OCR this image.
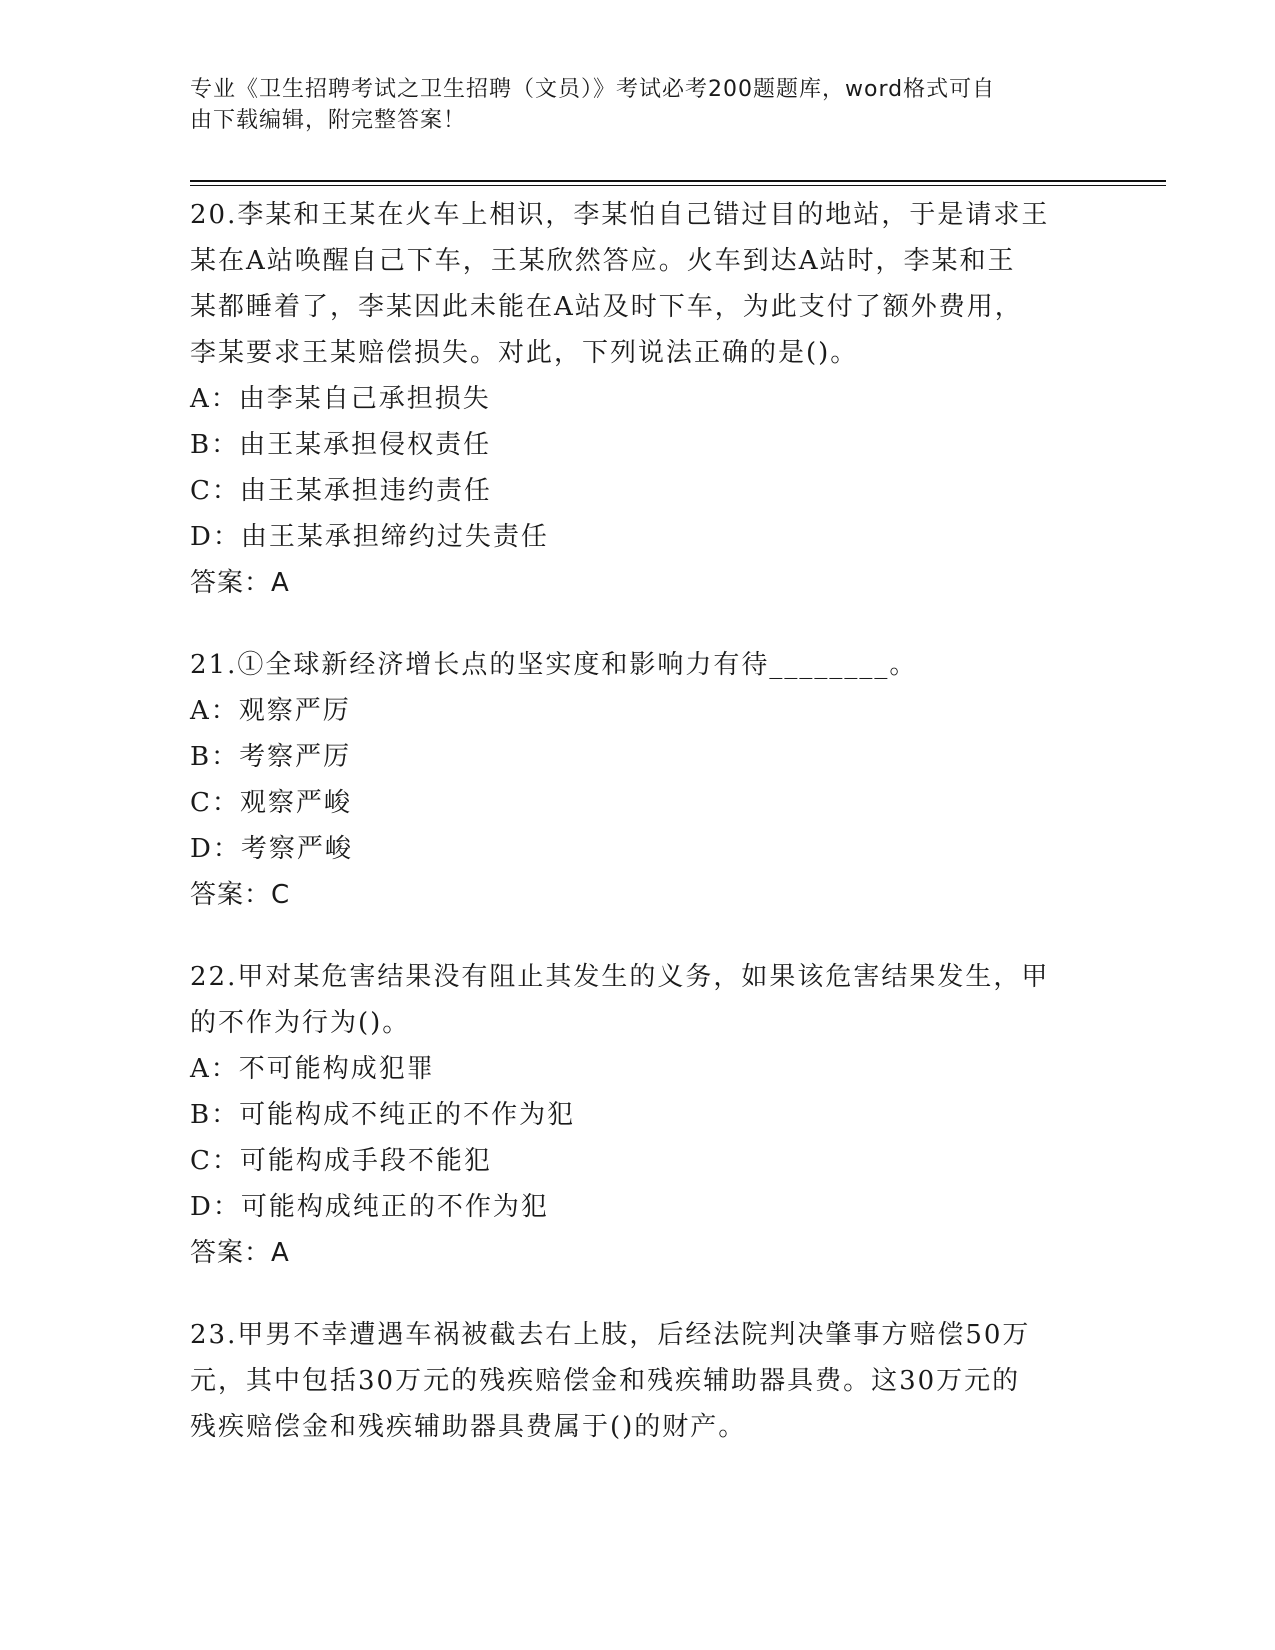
专业《卫生招聘考试之卫生招聘（文员）》考试必考200题题库，word格式可自
由下载编辑，附完整答案！
20.李某和王某在火车上相识，李某怕自己错过目的地站，于是请求王
某在A站唤醒自己下车，王某欣然答应。火车到达A站时，李某和王
某都睡着了，李某因此未能在A站及时下车，为此支付了额外费用，
李某要求王某赔偿损失。对此，下列说法正确的是()。
A：由李某自己承担损失
B：由王某承担侵权责任
C：由王某承担违约责任
D：由王某承担缔约过失责任
答案：A
21.①全球新经济增长点的坚实度和影响力有待________。
A：观察严厉
B：考察严厉
C：观察严峻
D：考察严峻
答案：C
22.甲对某危害结果没有阻止其发生的义务，如果该危害结果发生，甲
的不作为行为()。
A：不可能构成犯罪
B：可能构成不纯正的不作为犯
C：可能构成手段不能犯
D：可能构成纯正的不作为犯
答案：A
23.甲男不幸遭遇车祸被截去右上肢，后经法院判决肇事方赔偿50万
元，其中包括30万元的残疾赔偿金和残疾辅助器具费。这30万元的
残疾赔偿金和残疾辅助器具费属于()的财产。
